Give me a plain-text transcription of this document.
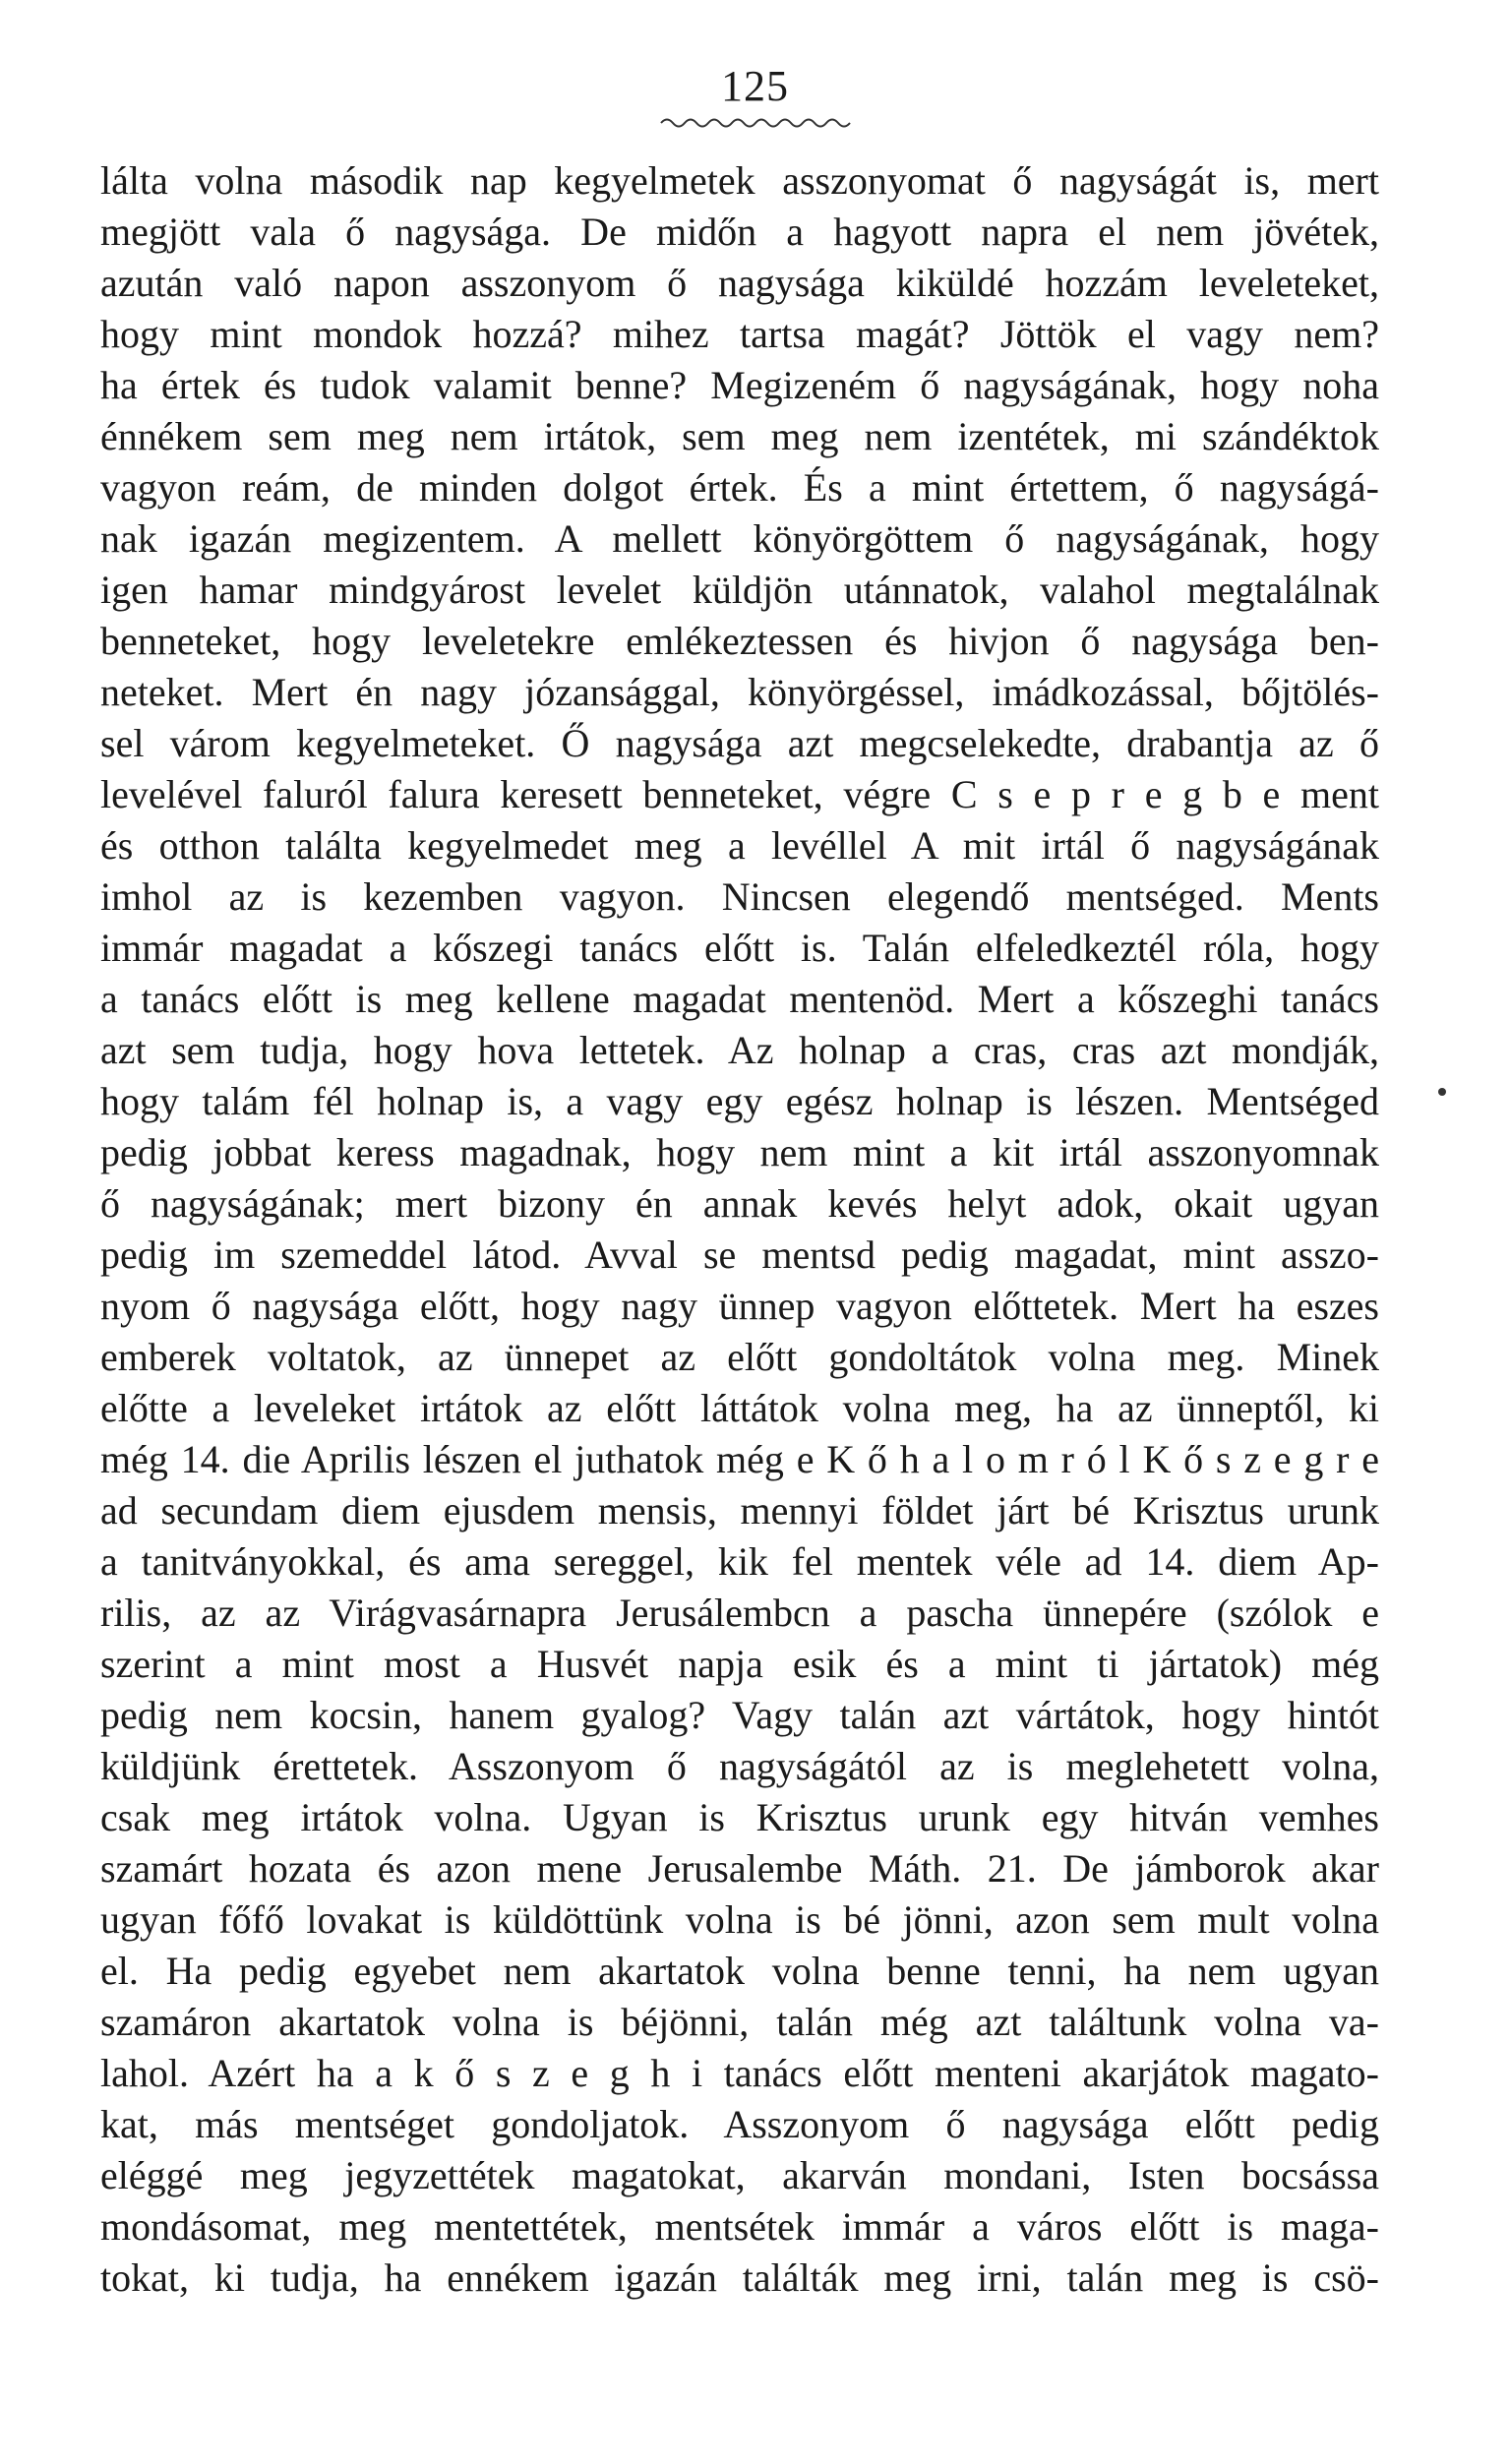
125
lálta volna második nap kegyelmetek asszonyomat ő nagyságát is, mert
megjött vala ő nagysága. De midőn a hagyott napra el nem jövétek,
azután való napon asszonyom ő nagysága kiküldé hozzám leveleteket,
hogy mint mondok hozzá? mihez tartsa magát? Jöttök el vagy nem?
ha értek és tudok valamit benne? Megizeném ő nagyságának, hogy noha
énnékem sem meg nem irtátok, sem meg nem izentétek, mi szándéktok
vagyon reám, de minden dolgot értek. És a mint értettem, ő nagyságá-
nak igazán megizentem. A mellett könyörgöttem ő nagyságának, hogy
igen hamar mindgyárost levelet küldjön utánnatok, valahol megtalálnak
benneteket, hogy leveletekre emlékeztessen és hivjon ő nagysága ben-
neteket. Mert én nagy józansággal, könyörgéssel, imádkozással, bőjtölés-
sel várom kegyelmeteket. Ő nagysága azt megcselekedte, drabantja az ő
levelével faluról falura keresett benneteket, végre C s e p r e g b e ment
és otthon találta kegyelmedet meg a levéllel A mit irtál ő nagyságának
imhol az is kezemben vagyon. Nincsen elegendő mentséged. Ments
immár magadat a kőszegi tanács előtt is. Talán elfeledkeztél róla, hogy
a tanács előtt is meg kellene magadat mentenöd. Mert a kőszeghi tanács
azt sem tudja, hogy hova lettetek. Az holnap a cras, cras azt mondják,
hogy talám fél holnap is, a vagy egy egész holnap is lészen. Mentséged
pedig jobbat keress magadnak, hogy nem mint a kit irtál asszonyomnak
ő nagyságának; mert bizony én annak kevés helyt adok, okait ugyan
pedig im szemeddel látod. Avval se mentsd pedig magadat, mint asszo-
nyom ő nagysága előtt, hogy nagy ünnep vagyon előttetek. Mert ha eszes
emberek voltatok, az ünnepet az előtt gondoltátok volna meg. Minek
előtte a leveleket irtátok az előtt láttátok volna meg, ha az ünneptől, ki
még 14. die Aprilis lészen el juthatok még e K ő h a l o m r ó l K ő s z e g r e
ad secundam diem ejusdem mensis, mennyi földet járt bé Krisztus urunk
a tanitványokkal, és ama sereggel, kik fel mentek véle ad 14. diem Ap-
rilis, az az Virágvasárnapra Jerusálembcn a pascha ünnepére (szólok e
szerint a mint most a Husvét napja esik és a mint ti jártatok) még
pedig nem kocsin, hanem gyalog? Vagy talán azt vártátok, hogy hintót
küldjünk érettetek. Asszonyom ő nagyságától az is meglehetett volna,
csak meg irtátok volna. Ugyan is Krisztus urunk egy hitván vemhes
szamárt hozata és azon mene Jerusalembe Máth. 21. De jámborok akar
ugyan főfő lovakat is küldöttünk volna is bé jönni, azon sem mult volna
el. Ha pedig egyebet nem akartatok volna benne tenni, ha nem ugyan
szamáron akartatok volna is béjönni, talán még azt találtunk volna va-
lahol. Azért ha a k ő s z e g h i tanács előtt menteni akarjátok magato-
kat, más mentséget gondoljatok. Asszonyom ő nagysága előtt pedig
eléggé meg jegyzettétek magatokat, akarván mondani, Isten bocsássa
mondásomat, meg mentettétek, mentsétek immár a város előtt is maga-
tokat, ki tudja, ha ennékem igazán találták meg irni, talán meg is csö-
